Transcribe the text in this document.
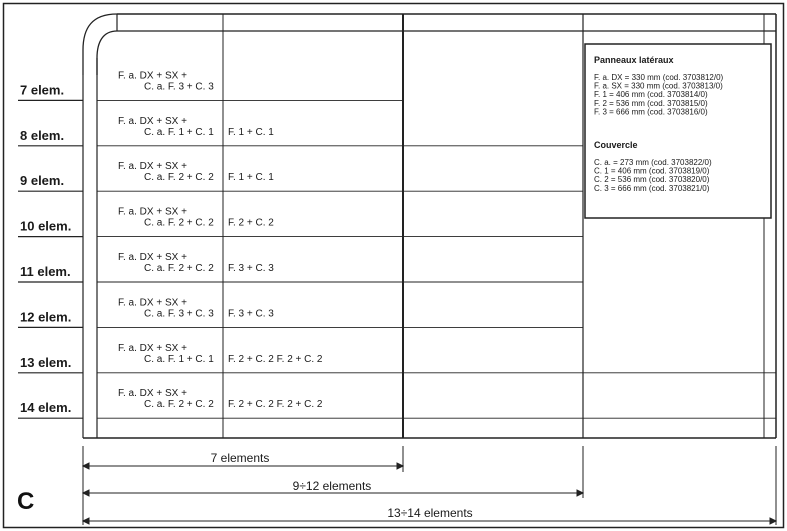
7 elem.
F. a. DX + SX +
C. a. F. 3 + C. 3
8 elem.
F. a. DX + SX +
C. a. F. 1 + C. 1 F. 1 + C. 1
9 elem.
F. a. DX + SX +
C. a. F. 2 + C. 2 F. 1 + C. 1
10 elem.
F. a. DX + SX +
C. a. F. 2 + C. 2 F. 2 + C. 2
11 elem.
F. a. DX + SX +
C. a. F. 2 + C. 2 F. 3 + C. 3
12 elem.
F. a. DX + SX +
C. a. F. 3 + C. 3 F. 3 + C. 3
13 elem.
F. a. DX + SX +
C. a. F. 1 + C. 1 F. 2 + C. 2 F. 2 + C. 2
14 elem.
F. a. DX + SX +
C. a. F. 2 + C. 2 F. 2 + C. 2 F. 2 + C. 2
Panneaux latéraux
F. a. DX = 330 mm (cod. 3703812/0)
F. a. SX = 330 mm (cod. 3703813/0)
F. 1 = 406 mm (cod. 3703814/0)
F. 2 = 536 mm (cod. 3703815/0)
F. 3 = 666 mm (cod. 3703816/0)
Couvercle
C. a. = 273 mm (cod. 3703822/0)
C. 1 = 406 mm (cod. 3703819/0)
C. 2 = 536 mm (cod. 3703820/0)
C. 3 = 666 mm (cod. 3703821/0)
7 elements
9÷12 elements
13÷14 elements
C
